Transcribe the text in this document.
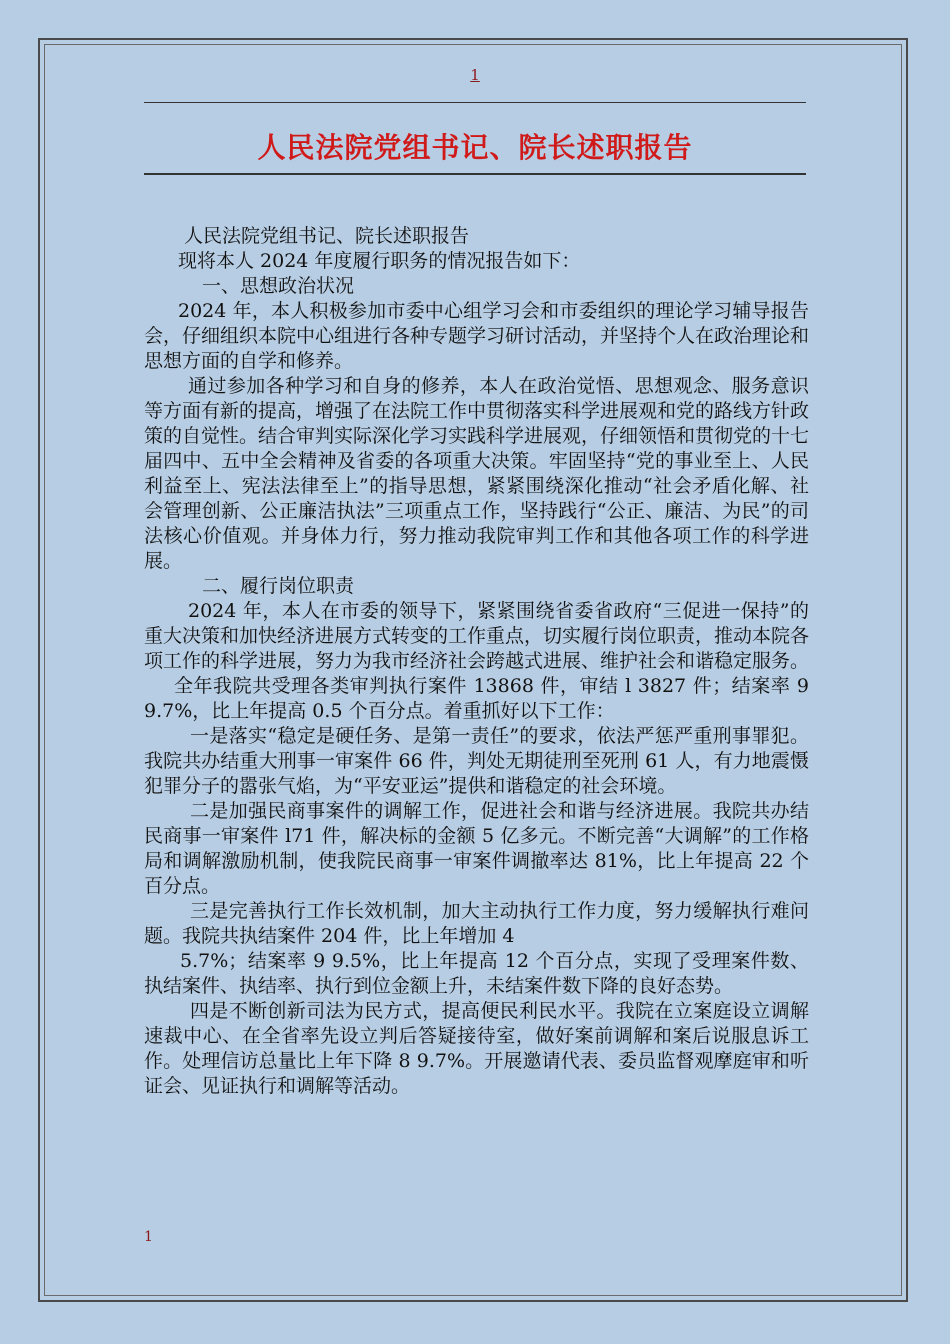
1
人民法院党组书记、院长述职报告

人民法院党组书记、院长述职报告

现将本人 2024 年度履行职务的情况报告如下：

一、思想政治状况

2024 年，本人积极参加市委中心组学习会和市委组织的理论学习辅导报告会，仔细组织本院中心组进行各种专题学习研讨活动，并坚持个人在政治理论和思想方面的自学和修养。

通过参加各种学习和自身的修养，本人在政治觉悟、思想观念、服务意识等方面有新的提高，增强了在法院工作中贯彻落实科学进展观和党的路线方针政策的自觉性。结合审判实际深化学习实践科学进展观，仔细领悟和贯彻党的十七届四中、五中全会精神及省委的各项重大决策。牢固坚持“党的事业至上、人民利益至上、宪法法律至上”的指导思想，紧紧围绕深化推动“社会矛盾化解、社会管理创新、公正廉洁执法”三项重点工作，坚持践行“公正、廉洁、为民”的司法核心价值观。并身体力行，努力推动我院审判工作和其他各项工作的科学进展。

二、履行岗位职责

2024 年，本人在市委的领导下，紧紧围绕省委省政府“三促进一保持”的重大决策和加快经济进展方式转变的工作重点，切实履行岗位职责，推动本院各项工作的科学进展，努力为我市经济社会跨越式进展、维护社会和谐稳定服务。

全年我院共受理各类审判执行案件 13868 件，审结 l 3827 件；结案率 9 9.7%，比上年提高 0.5 个百分点。着重抓好以下工作：

一是落实“稳定是硬任务、是第一责任”的要求，依法严惩严重刑事罪犯。我院共办结重大刑事一审案件 66 件，判处无期徒刑至死刑 61 人，有力地震慑犯罪分子的嚣张气焰，为“平安亚运”提供和谐稳定的社会环境。

二是加强民商事案件的调解工作，促进社会和谐与经济进展。我院共办结民商事一审案件 l71 件，解决标的金额 5 亿多元。不断完善“大调解”的工作格局和调解激励机制，使我院民商事一审案件调撤率达 81%，比上年提高 22 个百分点。

三是完善执行工作长效机制，加大主动执行工作力度，努力缓解执行难问题。我院共执结案件 204 件，比上年增加 4

5.7%；结案率 9 9.5%，比上年提高 12 个百分点，实现了受理案件数、执结案件、执结率、执行到位金额上升，未结案件数下降的良好态势。

四是不断创新司法为民方式，提高便民利民水平。我院在立案庭设立调解速裁中心、在全省率先设立判后答疑接待室，做好案前调解和案后说服息诉工作。处理信访总量比上年下降 8 9.7%。开展邀请代表、委员监督观摩庭审和听证会、见证执行和调解等活动。

1
